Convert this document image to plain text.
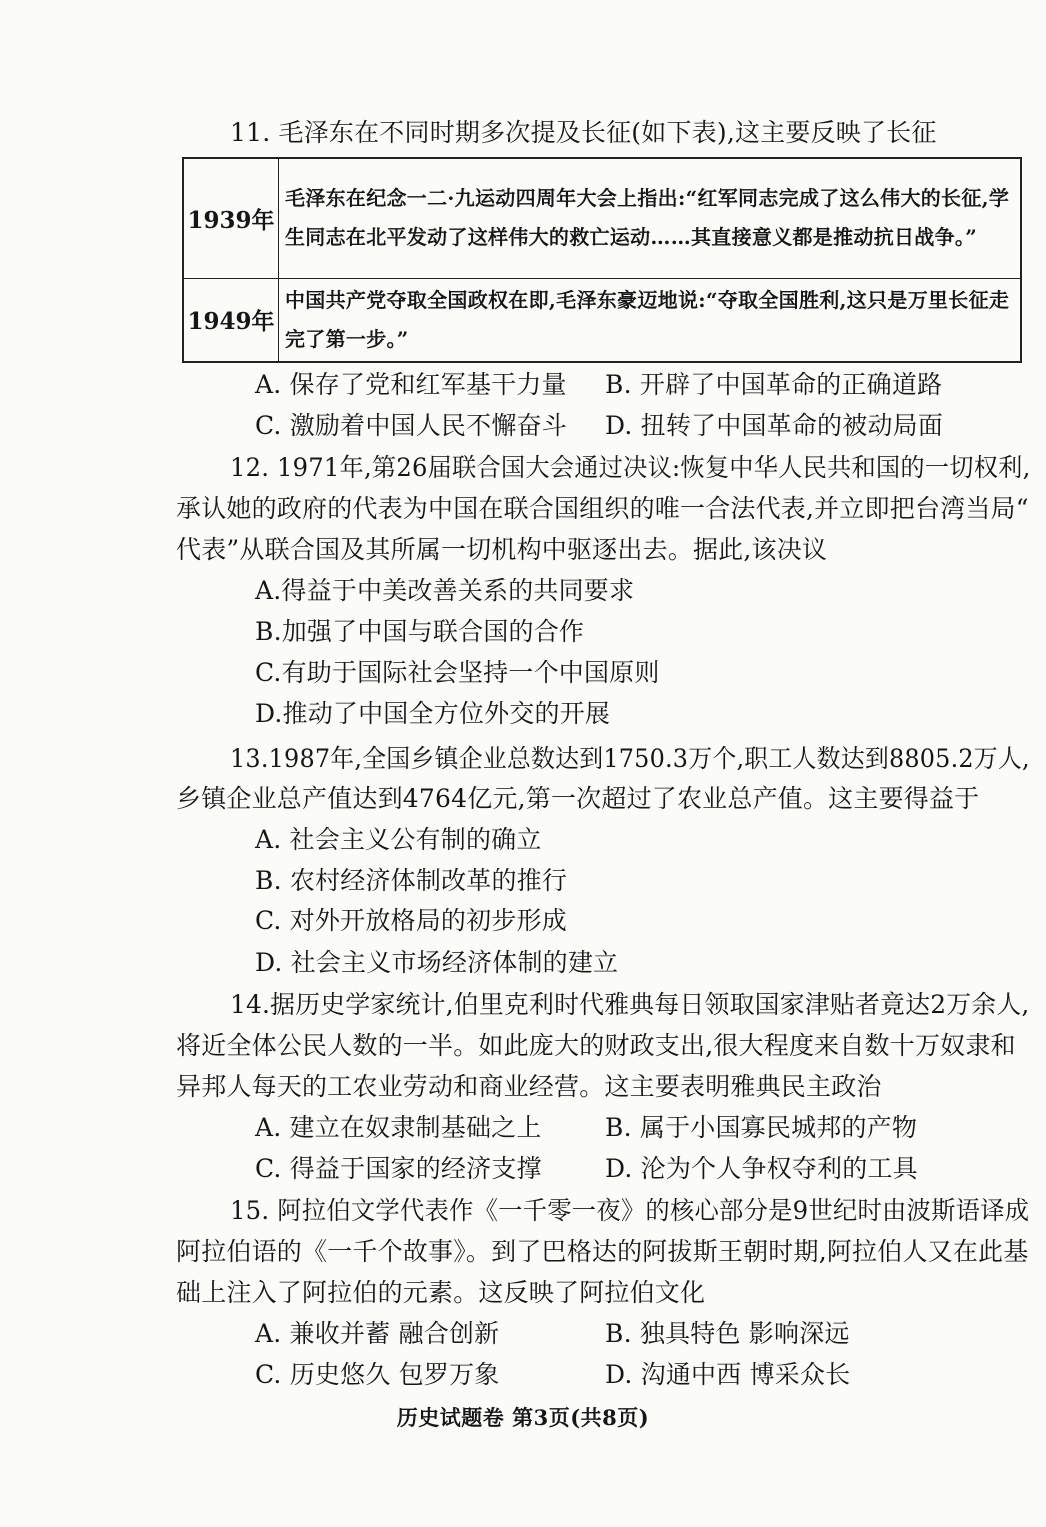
11. 毛泽东在不同时期多次提及长征(如下表),这主要反映了长征
1939年	毛泽东在纪念一二·九运动四周年大会上指出:“红军同志完成了这么伟大的长征,学生同志在北平发动了这样伟大的救亡运动……其直接意义都是推动抗日战争。”
1949年	中国共产党夺取全国政权在即,毛泽东豪迈地说:“夺取全国胜利,这只是万里长征走完了第一步。”
A. 保存了党和红军基干力量 B. 开辟了中国革命的正确道路
C. 激励着中国人民不懈奋斗 D. 扭转了中国革命的被动局面
12. 1971年,第26届联合国大会通过决议:恢复中华人民共和国的一切权利,
承认她的政府的代表为中国在联合国组织的唯一合法代表,并立即把台湾当局“
代表”从联合国及其所属一切机构中驱逐出去。据此,该决议
A.得益于中美改善关系的共同要求
B.加强了中国与联合国的合作
C.有助于国际社会坚持一个中国原则
D.推动了中国全方位外交的开展
13.1987年,全国乡镇企业总数达到1750.3万个,职工人数达到8805.2万人,
乡镇企业总产值达到4764亿元,第一次超过了农业总产值。这主要得益于
A. 社会主义公有制的确立
B. 农村经济体制改革的推行
C. 对外开放格局的初步形成
D. 社会主义市场经济体制的建立
14.据历史学家统计,伯里克利时代雅典每日领取国家津贴者竟达2万余人,
将近全体公民人数的一半。如此庞大的财政支出,很大程度来自数十万奴隶和
异邦人每天的工农业劳动和商业经营。这主要表明雅典民主政治
A. 建立在奴隶制基础之上	B. 属于小国寡民城邦的产物
C. 得益于国家的经济支撑	D. 沦为个人争权夺利的工具
15. 阿拉伯文学代表作《一千零一夜》的核心部分是9世纪时由波斯语译成
阿拉伯语的《一千个故事》。到了巴格达的阿拔斯王朝时期,阿拉伯人又在此基
础上注入了阿拉伯的元素。这反映了阿拉伯文化
A. 兼收并蓄 融合创新	B. 独具特色 影响深远
C. 历史悠久 包罗万象	D. 沟通中西 博采众长
历史试题卷 第3页(共8页)
